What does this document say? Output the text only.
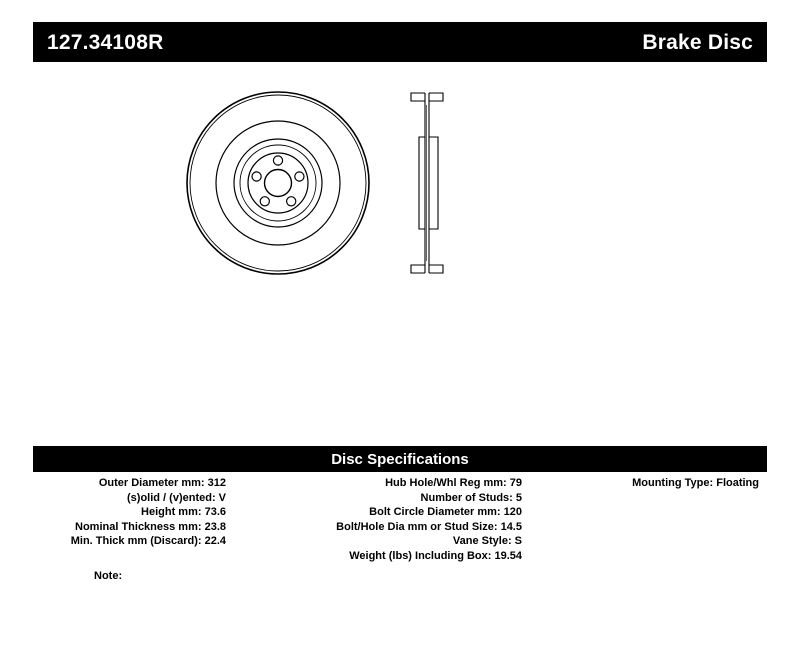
127.34108R	Brake Disc
Disc Specifications
Outer Diameter mm: 312
(s)olid / (v)ented: V
Height mm: 73.6
Nominal Thickness mm: 23.8
Min. Thick mm (Discard): 22.4
Hub Hole/Whl Reg mm: 79
Number of Studs: 5
Bolt Circle Diameter mm: 120
Bolt/Hole Dia mm or Stud Size: 14.5
Vane Style: S
Weight (lbs) Including Box: 19.54
Mounting Type: Floating
Note:
